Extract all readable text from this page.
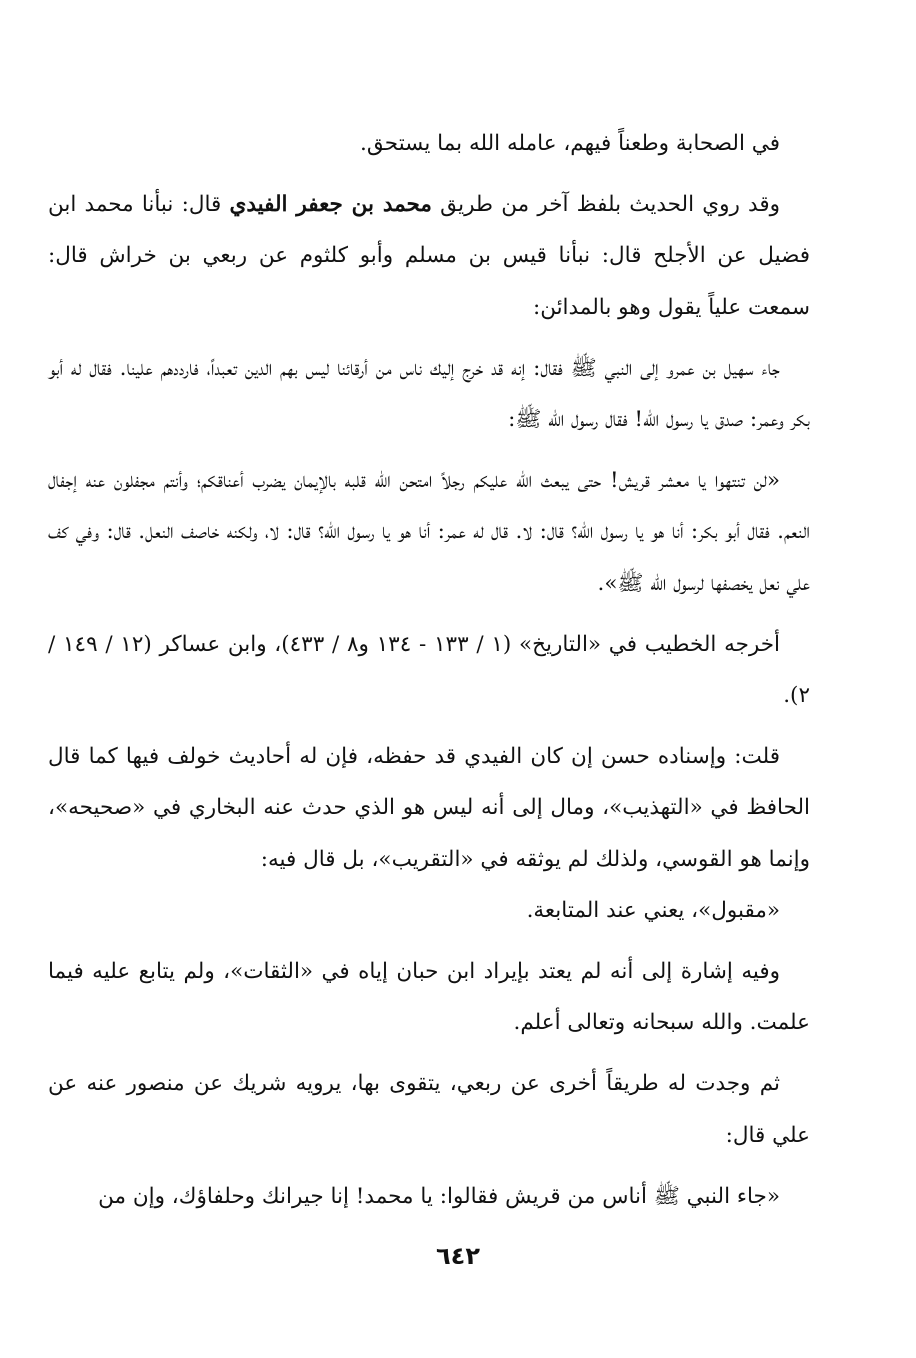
في الصحابة وطعناً فيهم، عامله الله بما يستحق.

وقد روي الحديث بلفظ آخر من طريق محمد بن جعفر الفيدي قال: نبأنا محمد ابن فضيل عن الأجلح قال: نبأنا قيس بن مسلم وأبو كلثوم عن ربعي بن خراش قال: سمعت علياً يقول وهو بالمدائن:

جاء سهيل بن عمرو إلى النبي ﷺ فقال: إنه قد خرج إليك ناس من أرقائنا ليس بهم الدين تعبداً، فارددهم علينا. فقال له أبو بكر وعمر: صدق يا رسول الله! فقال رسول الله ﷺ:

«لن تنتهوا يا معشر قريش! حتى يبعث الله عليكم رجلاً امتحن الله قلبه بالإيمان يضرب أعناقكم؛ وأنتم مجفلون عنه إجفال النعم. فقال أبو بكر: أنا هو يا رسول الله؟ قال: لا. قال له عمر: أنا هو يا رسول الله؟ قال: لا، ولكنه خاصف النعل. قال: وفي كف علي نعل يخصفها لرسول الله ﷺ».

أخرجه الخطيب في «التاريخ» (١ / ١٣٣ - ١٣٤ و٨ / ٤٣٣)، وابن عساكر (١٢ / ١٤٩ / ٢).

قلت: وإسناده حسن إن كان الفيدي قد حفظه، فإن له أحاديث خولف فيها كما قال الحافظ في «التهذيب»، ومال إلى أنه ليس هو الذي حدث عنه البخاري في «صحيحه»، وإنما هو القوسي، ولذلك لم يوثقه في «التقريب»، بل قال فيه:

«مقبول»، يعني عند المتابعة.

وفيه إشارة إلى أنه لم يعتد بإيراد ابن حبان إياه في «الثقات»، ولم يتابع عليه فيما علمت. والله سبحانه وتعالى أعلم.

ثم وجدت له طريقاً أخرى عن ربعي، يتقوى بها، يرويه شريك عن منصور عنه عن علي قال:

«جاء النبي ﷺ أناس من قريش فقالوا: يا محمد! إنا جيرانك وحلفاؤك، وإن من

٦٤٢
